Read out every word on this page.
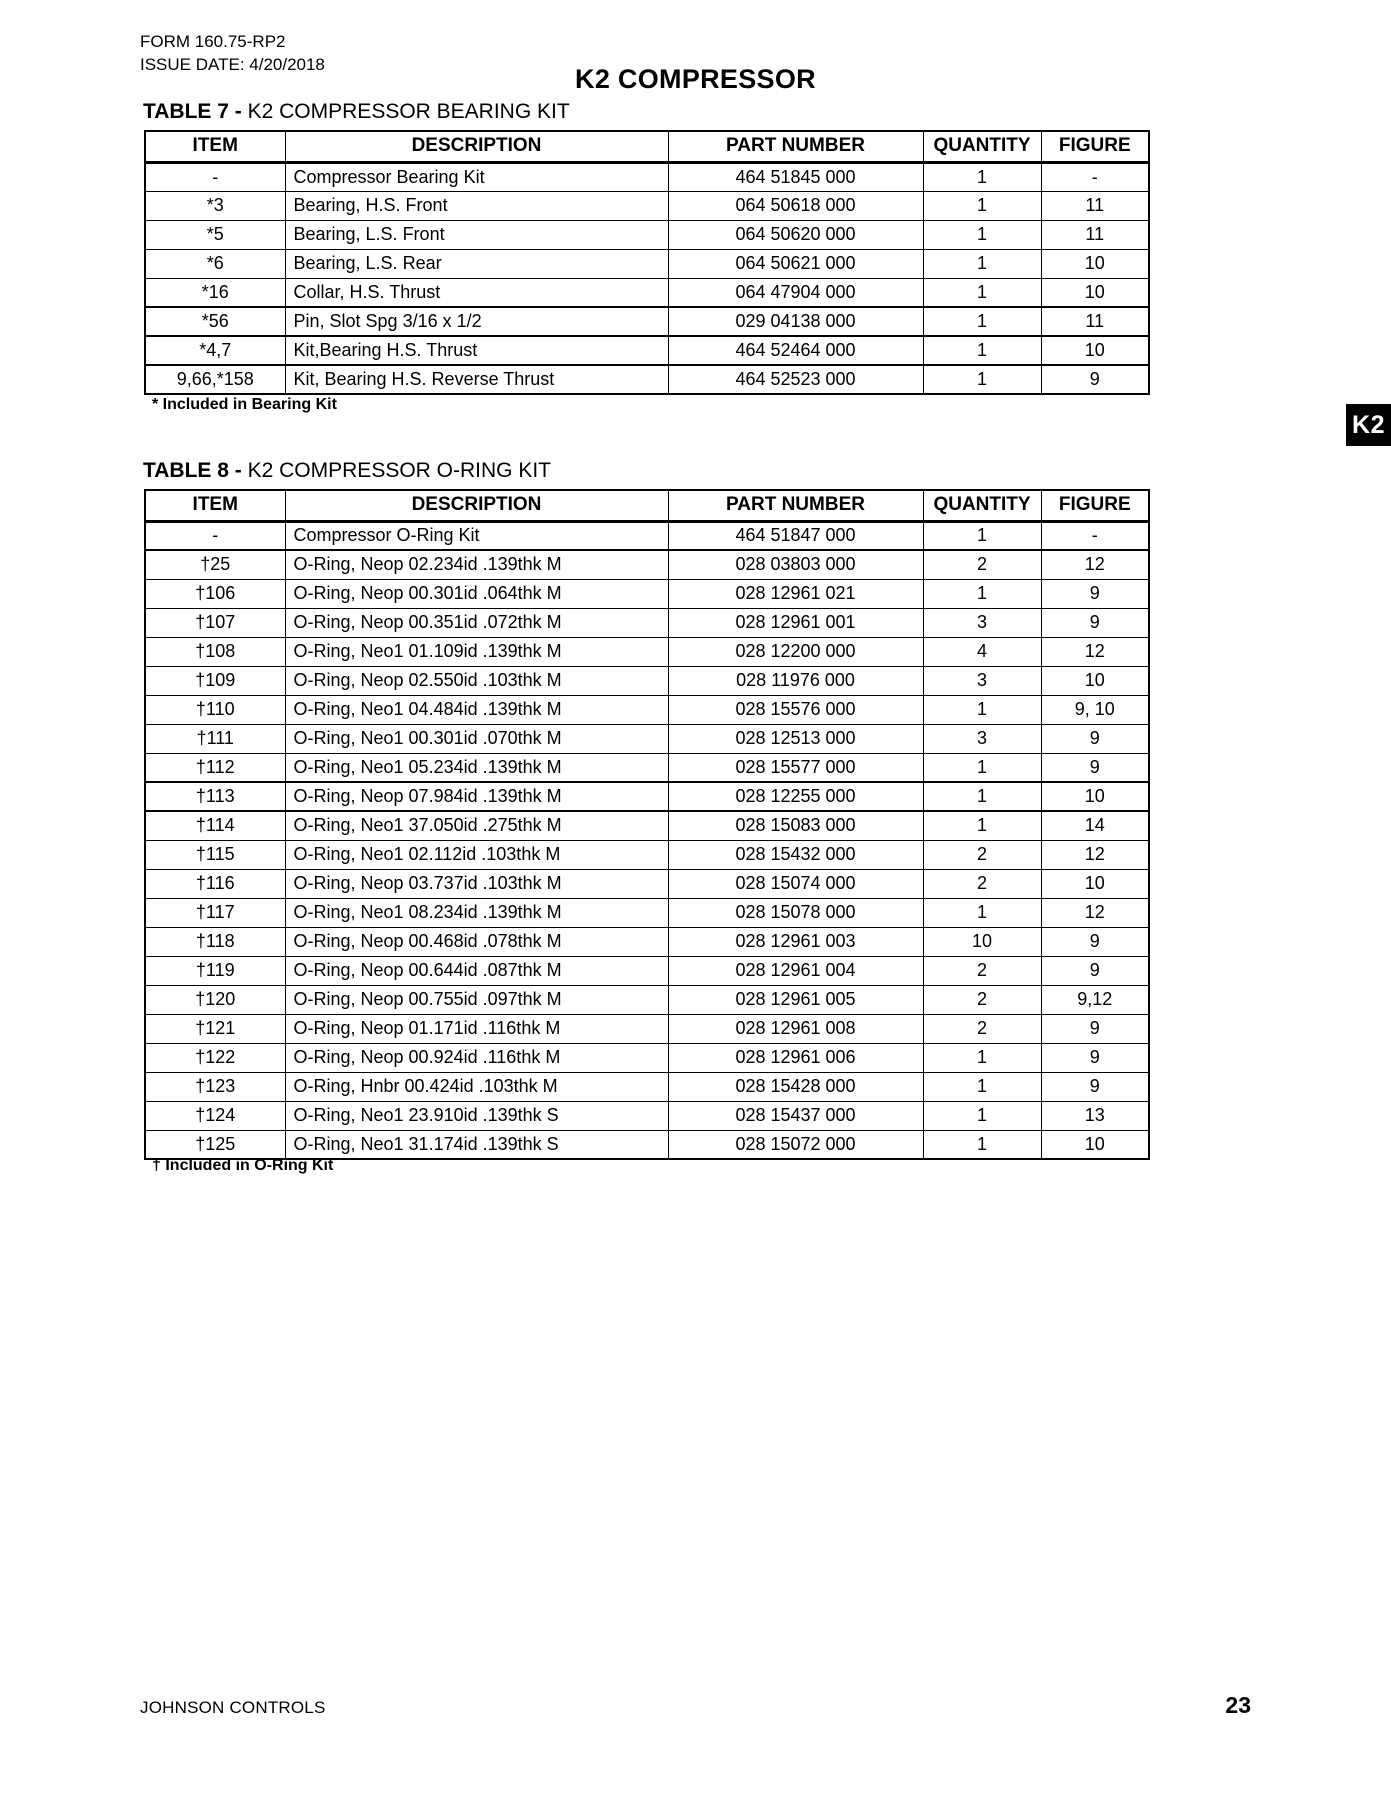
FORM 160.75-RP2
ISSUE DATE: 4/20/2018	K2 COMPRESSOR
TABLE 7 - K2 COMPRESSOR BEARING KIT
ITEM	DESCRIPTION	PART NUMBER	QUANTITY	FIGURE
-	Compressor Bearing Kit	464 51845 000	1	-
*3	Bearing, H.S. Front	064 50618 000	1	11
*5	Bearing, L.S. Front	064 50620 000	1	11
*6	Bearing, L.S. Rear	064 50621 000	1	10
*16	Collar, H.S. Thrust	064 47904 000	1	10
*56	Pin, Slot Spg 3/16 x 1/2	029 04138 000	1	11
*4,7	Kit,Bearing H.S. Thrust	464 52464 000	1	10
9,66,*158	Kit, Bearing H.S. Reverse Thrust	464 52523 000	1	9
* Included in Bearing Kit
K2
TABLE 8 - K2 COMPRESSOR O-RING KIT
ITEM	DESCRIPTION	PART NUMBER	QUANTITY	FIGURE
-	Compressor O-Ring Kit	464 51847 000	1	-
†25	O-Ring, Neop 02.234id .139thk M	028 03803 000	2	12
†106	O-Ring, Neop 00.301id .064thk M	028 12961 021	1	9
†107	O-Ring, Neop 00.351id .072thk M	028 12961 001	3	9
†108	O-Ring, Neo1 01.109id .139thk M	028 12200 000	4	12
†109	O-Ring, Neop 02.550id .103thk M	028 11976 000	3	10
†110	O-Ring, Neo1 04.484id .139thk M	028 15576 000	1	9, 10
†111	O-Ring, Neo1 00.301id .070thk M	028 12513 000	3	9
†112	O-Ring, Neo1 05.234id .139thk M	028 15577 000	1	9
†113	O-Ring, Neop 07.984id .139thk M	028 12255 000	1	10
†114	O-Ring, Neo1 37.050id .275thk M	028 15083 000	1	14
†115	O-Ring, Neo1 02.112id .103thk M	028 15432 000	2	12
†116	O-Ring, Neop 03.737id .103thk M	028 15074 000	2	10
†117	O-Ring, Neo1 08.234id .139thk M	028 15078 000	1	12
†118	O-Ring, Neop 00.468id .078thk M	028 12961 003	10	9
†119	O-Ring, Neop 00.644id .087thk M	028 12961 004	2	9
†120	O-Ring, Neop 00.755id .097thk M	028 12961 005	2	9,12
†121	O-Ring, Neop 01.171id .116thk M	028 12961 008	2	9
†122	O-Ring, Neop 00.924id .116thk M	028 12961 006	1	9
†123	O-Ring, Hnbr 00.424id .103thk M	028 15428 000	1	9
†124	O-Ring, Neo1 23.910id .139thk S	028 15437 000	1	13
†125	O-Ring, Neo1 31.174id .139thk S	028 15072 000	1	10
† Included in O-Ring Kit
JOHNSON CONTROLS	23
